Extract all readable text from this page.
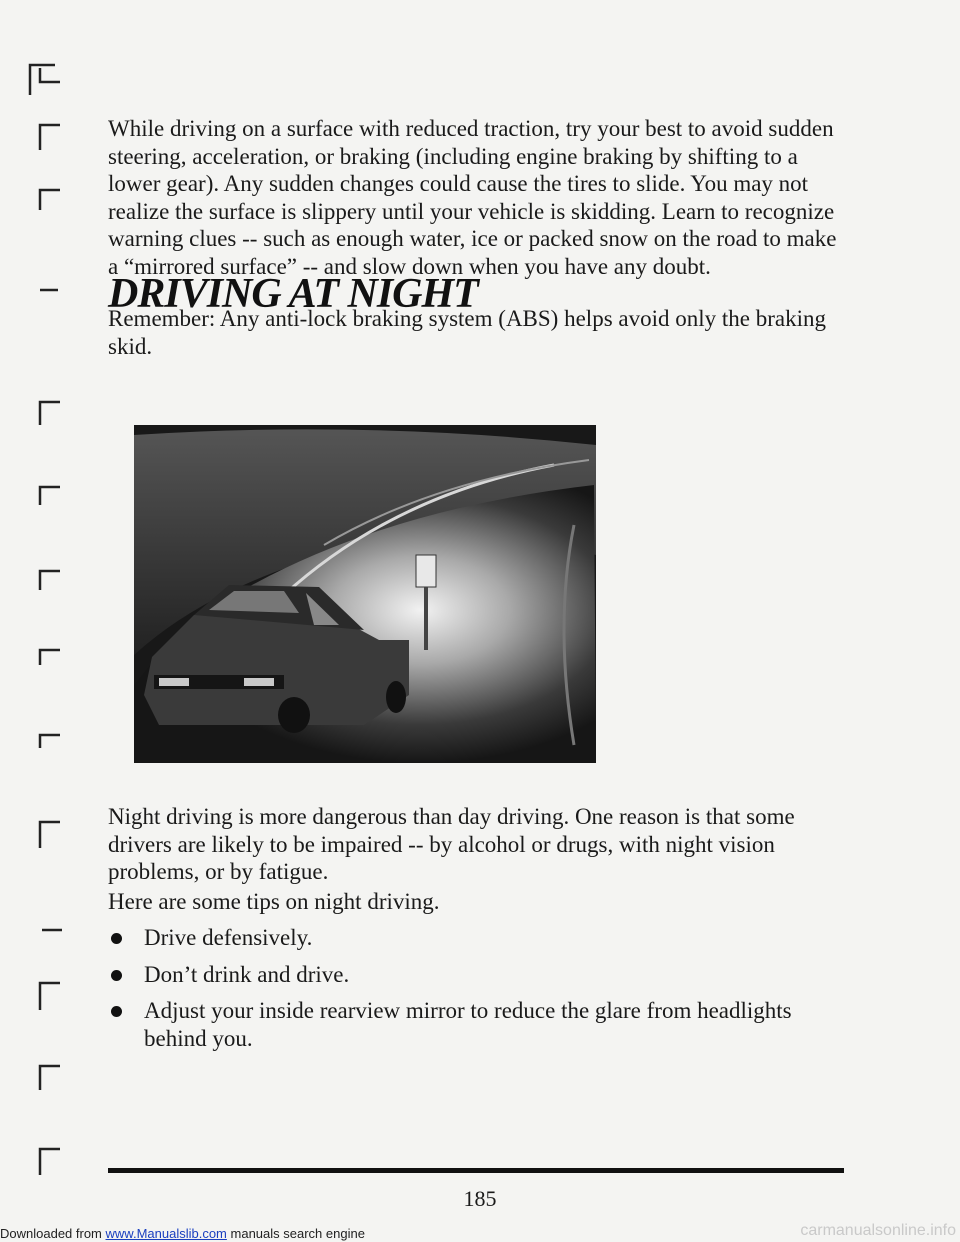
While driving on a surface with reduced traction, try your best to avoid sudden steering, acceleration, or braking (including engine braking by shifting to a lower gear). Any sudden changes could cause the tires to slide. You may not realize the surface is slippery until your vehicle is skidding. Learn to recognize warning clues -- such as enough water, ice or packed snow on the road to make a “mirrored surface” -- and slow down when you have any doubt.

Remember: Any anti-lock braking system (ABS) helps avoid only the braking skid.

DRIVING AT NIGHT

Night driving is more dangerous than day driving. One reason is that some drivers are likely to be impaired -- by alcohol or drugs, with night vision problems, or by fatigue.

Here are some tips on night driving.

Drive defensively.
Don’t drink and drive.
Adjust your inside rearview mirror to reduce the glare from headlights behind you.

185

Downloaded from www.Manualslib.com manuals search engine	carmanualsonline.info
